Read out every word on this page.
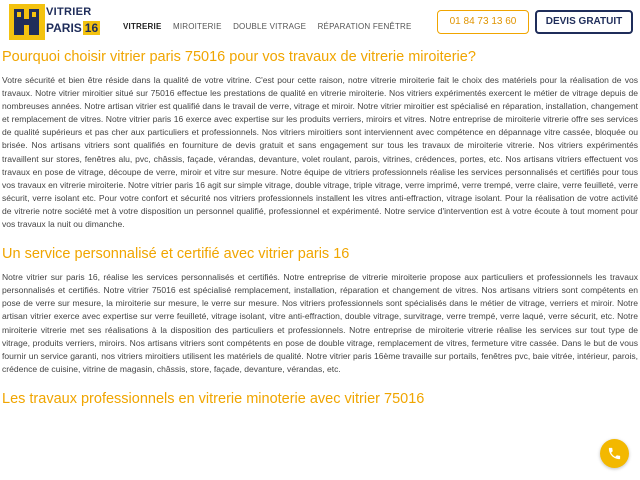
VITRIER
PARIS 16	VITRERIE MIROITERIE DOUBLE VITRAGE RÉPARATION FENÊTRE	01 84 73 13 60	DEVIS GRATUIT
Pourquoi choisir vitrier paris 75016 pour vos travaux de vitrerie miroiterie?

Votre sécurité et bien être réside dans la qualité de votre vitrine. C'est pour cette raison, notre vitrerie miroiterie fait le choix des matériels pour la réalisation de vos travaux. Notre vitrier miroitier situé sur 75016 effectue les prestations de qualité en vitrerie miroiterie. Nos vitriers expérimentés exercent le métier de vitrage depuis de nombreuses années. Notre artisan vitrier est qualifié dans le travail de verre, vitrage et miroir. Notre vitrier miroitier est spécialisé en réparation, installation, changement et remplacement de vitres. Notre vitrier paris 16 exerce avec expertise sur les produits verriers, miroirs et vitres. Notre entreprise de miroiterie vitrerie offre ses services de qualité supérieurs et pas cher aux particuliers et professionnels. Nos vitriers miroitiers sont interviennent avec compétence en dépannage vitre cassée, bloquée ou brisée. Nos artisans vitriers sont qualifiés en fourniture de devis gratuit et sans engagement sur tous les travaux de miroiterie vitrerie. Nos vitriers expérimentés travaillent sur stores, fenêtres alu, pvc, châssis, façade, vérandas, devanture, volet roulant, parois, vitrines, crédences, portes, etc. Nos artisans vitriers effectuent vos travaux en pose de vitrage, découpe de verre, miroir et vitre sur mesure. Notre équipe de vitriers professionnels réalise les services personnalisés et certifiés pour tous vos travaux en vitrerie miroiterie. Notre vitrier paris 16 agit sur simple vitrage, double vitrage, triple vitrage, verre imprimé, verre trempé, verre claire, verre feuilleté, verre sécurit, verre isolant etc. Pour votre confort et sécurité nos vitriers professionnels installent les vitres anti-effraction, vitrage isolant. Pour la réalisation de votre activité de vitrerie notre société met à votre disposition un personnel qualifié, professionnel et expérimenté. Notre service d'intervention est à votre écoute à tout moment pour vos travaux la nuit ou dimanche.

Un service personnalisé et certifié avec vitrier paris 16

Notre vitrier sur paris 16, réalise les services personnalisés et certifiés. Notre entreprise de vitrerie miroiterie propose aux particuliers et professionnels les travaux personnalisés et certifiés. Notre vitrier 75016 est spécialisé remplacement, installation, réparation et changement de vitres. Nos artisans vitriers sont compétents en pose de verre sur mesure, la miroiterie sur mesure, le verre sur mesure. Nos vitriers professionnels sont spécialisés dans le métier de vitrage, verriers et miroir. Notre artisan vitrier exerce avec expertise sur verre feuilleté, vitrage isolant, vitre anti-effraction, double vitrage, survitrage, verre trempé, verre laqué, verre sécurit, etc. Notre miroiterie vitrerie met ses réalisations à la disposition des particuliers et professionnels. Notre entreprise de miroiterie vitrerie réalise les services sur tout type de vitrage, produits verriers, miroirs. Nos artisans vitriers sont compétents en pose de double vitrage, remplacement de vitres, fermeture vitre cassée. Dans le but de vous fournir un service garanti, nos vitriers miroitiers utilisent les matériels de qualité. Notre vitrier paris 16ème travaille sur portails, fenêtres pvc, baie vitrée, intérieur, parois, crédence de cuisine, vitrine de magasin, châssis, store, façade, devanture, vérandas, etc.

Les travaux professionnels en vitrerie minoterie avec vitrier 75016
